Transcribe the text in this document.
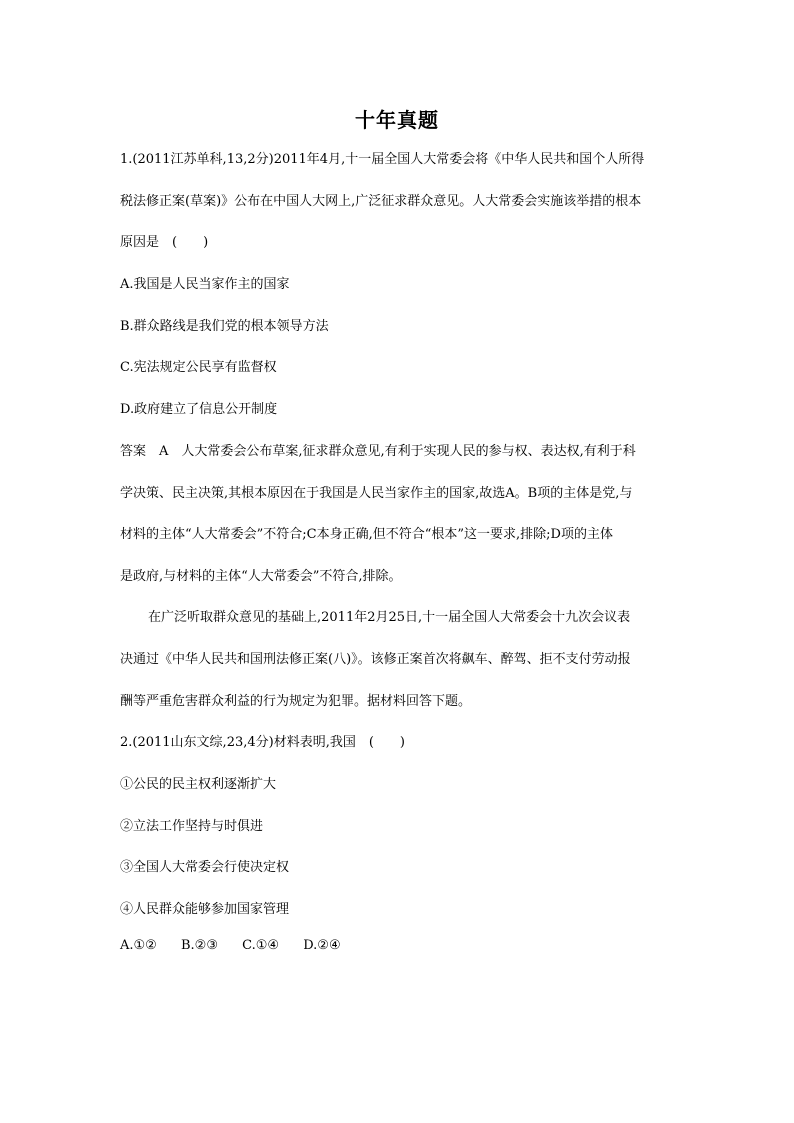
十年真题
1.(2011江苏单科,13,2分)2011年4月,十一届全国人大常委会将《中华人民共和国个人所得
税法修正案(草案)》公布在中国人大网上,广泛征求群众意见。人大常委会实施该举措的根本
原因是　(　　)
A.我国是人民当家作主的国家
B.群众路线是我们党的根本领导方法
C.宪法规定公民享有监督权
D.政府建立了信息公开制度
答案　A　人大常委会公布草案,征求群众意见,有利于实现人民的参与权、表达权,有利于科
学决策、民主决策,其根本原因在于我国是人民当家作主的国家,故选A。B项的主体是党,与
材料的主体“人大常委会”不符合;C本身正确,但不符合“根本”这一要求,排除;D项的主体
是政府,与材料的主体“人大常委会”不符合,排除。
在广泛听取群众意见的基础上,2011年2月25日,十一届全国人大常委会十九次会议表
决通过《中华人民共和国刑法修正案(八)》。该修正案首次将飙车、醉驾、拒不支付劳动报
酬等严重危害群众利益的行为规定为犯罪。据材料回答下题。
2.(2011山东文综,23,4分)材料表明,我国　(　　)
①公民的民主权利逐渐扩大
②立法工作坚持与时俱进
③全国人大常委会行使决定权
④人民群众能够参加国家管理
A.①② B.②③ C.①④ D.②④
